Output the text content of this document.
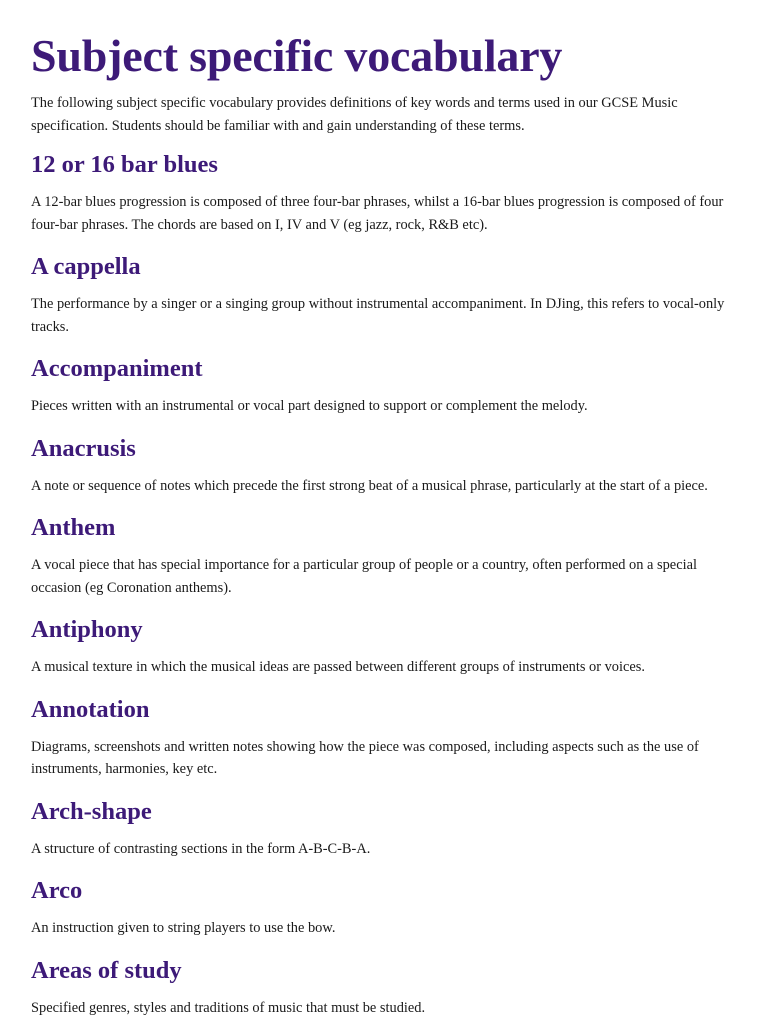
Subject specific vocabulary

The following subject specific vocabulary provides definitions of key words and terms used in our GCSE Music specification. Students should be familiar with and gain understanding of these terms.

12 or 16 bar blues

A 12-bar blues progression is composed of three four-bar phrases, whilst a 16-bar blues progression is composed of four four-bar phrases. The chords are based on I, IV and V (eg jazz, rock, R&B etc).

A cappella

The performance by a singer or a singing group without instrumental accompaniment. In DJing, this refers to vocal-only tracks.

Accompaniment

Pieces written with an instrumental or vocal part designed to support or complement the melody.

Anacrusis

A note or sequence of notes which precede the first strong beat of a musical phrase, particularly at the start of a piece.

Anthem

A vocal piece that has special importance for a particular group of people or a country, often performed on a special occasion (eg Coronation anthems).

Antiphony

A musical texture in which the musical ideas are passed between different groups of instruments or voices.

Annotation

Diagrams, screenshots and written notes showing how the piece was composed, including aspects such as the use of instruments, harmonies, key etc.

Arch-shape

A structure of contrasting sections in the form A-B-C-B-A.

Arco

An instruction given to string players to use the bow.

Areas of study

Specified genres, styles and traditions of music that must be studied.
